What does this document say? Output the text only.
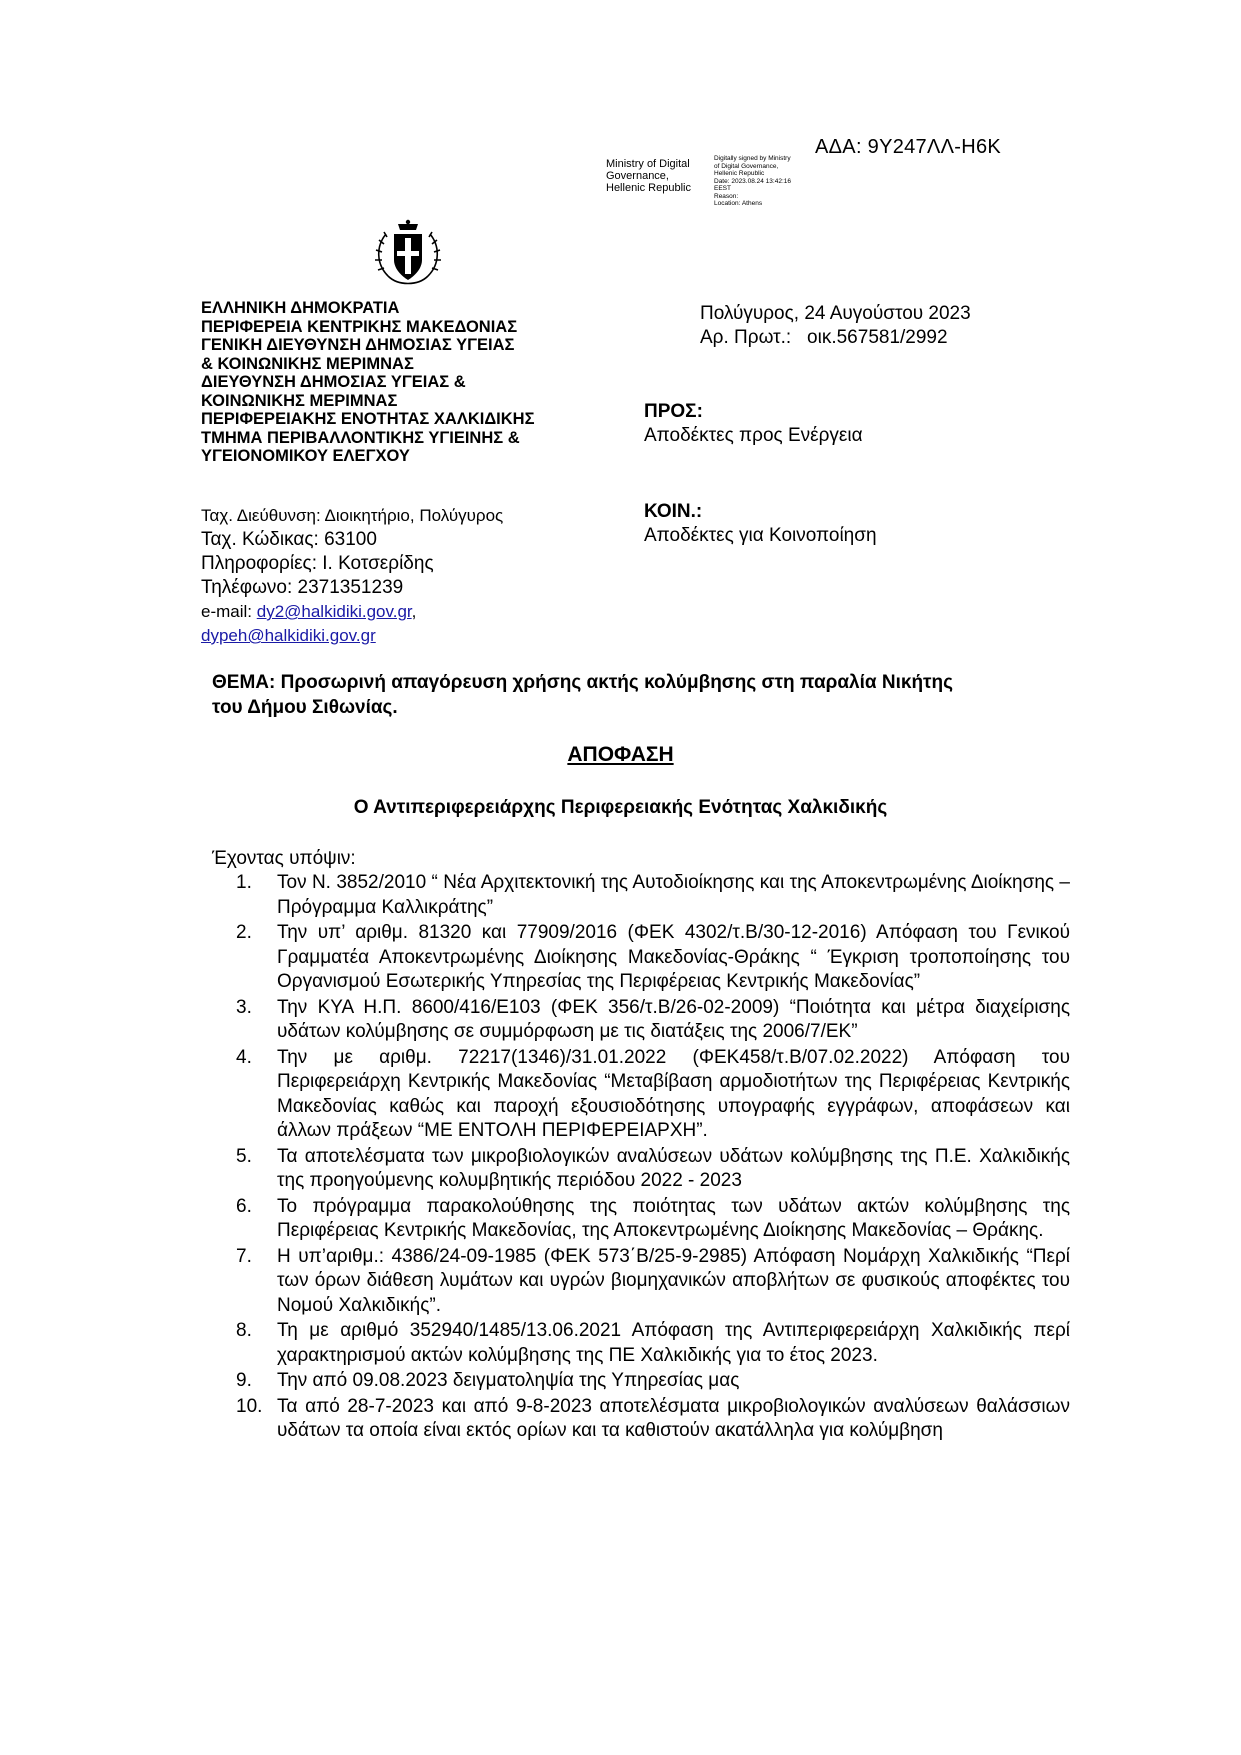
ΑΔΑ: 9Υ247ΛΛ-Η6Κ
Ministry of Digital
Governance,
Hellenic Republic
Digitally signed by Ministry
of Digital Governance,
Hellenic Republic
Date: 2023.08.24 13:42:16
EEST
Reason:
Location: Athens
ΕΛΛΗΝΙΚΗ ΔΗΜΟΚΡΑΤΙΑ
ΠΕΡΙΦΕΡΕΙΑ ΚΕΝΤΡΙΚΗΣ ΜΑΚΕΔΟΝΙΑΣ
ΓΕΝΙΚΗ ΔΙΕΥΘΥΝΣΗ ΔΗΜΟΣΙΑΣ ΥΓΕΙΑΣ
& ΚΟΙΝΩΝΙΚΗΣ ΜΕΡΙΜΝΑΣ
ΔΙΕΥΘΥΝΣΗ ΔΗΜΟΣΙΑΣ ΥΓΕΙΑΣ &
ΚΟΙΝΩΝΙΚΗΣ ΜΕΡΙΜΝΑΣ
ΠΕΡΙΦΕΡΕΙΑΚΗΣ ΕΝΟΤΗΤΑΣ ΧΑΛΚΙΔΙΚΗΣ
ΤΜΗΜΑ ΠΕΡΙΒΑΛΛΟΝΤΙΚΗΣ ΥΓΙΕΙΝΗΣ &
ΥΓΕΙΟΝΟΜΙΚΟΥ ΕΛΕΓΧΟΥ
Ταχ. Διεύθυνση: Διοικητήριο, Πολύγυρος
Ταχ. Κώδικας: 63100
Πληροφορίες: Ι. Κοτσερίδης
Τηλέφωνο: 2371351239
e-mail: dy2@halkidiki.gov.gr,
dypeh@halkidiki.gov.gr
Πολύγυρος, 24 Αυγούστου 2023
Αρ. Πρωτ.: οικ.567581/2992
ΠΡΟΣ:
Αποδέκτες προς Ενέργεια
ΚΟΙΝ.:
Αποδέκτες για Κοινοποίηση
ΘΕΜΑ: Προσωρινή απαγόρευση χρήσης ακτής κολύμβησης στη παραλία Νικήτης
του Δήμου Σιθωνίας.
ΑΠΟΦΑΣΗ
Ο Αντιπεριφερειάρχης Περιφερειακής Ενότητας Χαλκιδικής
Έχοντας υπόψιν:
1.	Τον Ν. 3852/2010 “ Νέα Αρχιτεκτονική της Αυτοδιοίκησης και της Αποκεντρωμένης Διοίκησης – Πρόγραμμα Καλλικράτης”
2.	Την υπ’ αριθμ. 81320 και 77909/2016 (ΦΕΚ 4302/τ.Β/30-12-2016) Απόφαση του Γενικού Γραμματέα Αποκεντρωμένης Διοίκησης Μακεδονίας-Θράκης “ Έγκριση τροποποίησης του Οργανισμού Εσωτερικής Υπηρεσίας της Περιφέρειας Κεντρικής Μακεδονίας”
3.	Την ΚΥΑ Η.Π. 8600/416/Ε103 (ΦΕΚ 356/τ.Β/26-02-2009) “Ποιότητα και μέτρα διαχείρισης υδάτων κολύμβησης σε συμμόρφωση με τις διατάξεις της 2006/7/ΕΚ”
4.	Την με αριθμ. 72217(1346)/31.01.2022 (ΦΕΚ458/τ.Β/07.02.2022) Απόφαση του Περιφερειάρχη Κεντρικής Μακεδονίας “Μεταβίβαση αρμοδιοτήτων της Περιφέρειας Κεντρικής Μακεδονίας καθώς και παροχή εξουσιοδότησης υπογραφής εγγράφων, αποφάσεων και άλλων πράξεων “ΜΕ ΕΝΤΟΛΗ ΠΕΡΙΦΕΡΕΙΑΡΧΗ”.
5.	Τα αποτελέσματα των μικροβιολογικών αναλύσεων υδάτων κολύμβησης της Π.Ε. Χαλκιδικής της προηγούμενης κολυμβητικής περιόδου 2022 - 2023
6.	Το πρόγραμμα παρακολούθησης της ποιότητας των υδάτων ακτών κολύμβησης της Περιφέρειας Κεντρικής Μακεδονίας, της Αποκεντρωμένης Διοίκησης Μακεδονίας – Θράκης.
7.	Η υπ’αριθμ.: 4386/24-09-1985 (ΦΕΚ 573΄Β/25-9-2985) Απόφαση Νομάρχη Χαλκιδικής “Περί των όρων διάθεση λυμάτων και υγρών βιομηχανικών αποβλήτων σε φυσικούς αποφέκτες του Νομού Χαλκιδικής”.
8.	Τη με αριθμό 352940/1485/13.06.2021 Απόφαση της Αντιπεριφερειάρχη Χαλκιδικής περί χαρακτηρισμού ακτών κολύμβησης της ΠΕ Χαλκιδικής για το έτος 2023.
9.	Την από 09.08.2023 δειγματοληψία της Υπηρεσίας μας
10. Τα από 28-7-2023 και από 9-8-2023 αποτελέσματα μικροβιολογικών αναλύσεων θαλάσσιων υδάτων τα οποία είναι εκτός ορίων και τα καθιστούν ακατάλληλα για κολύμβηση
